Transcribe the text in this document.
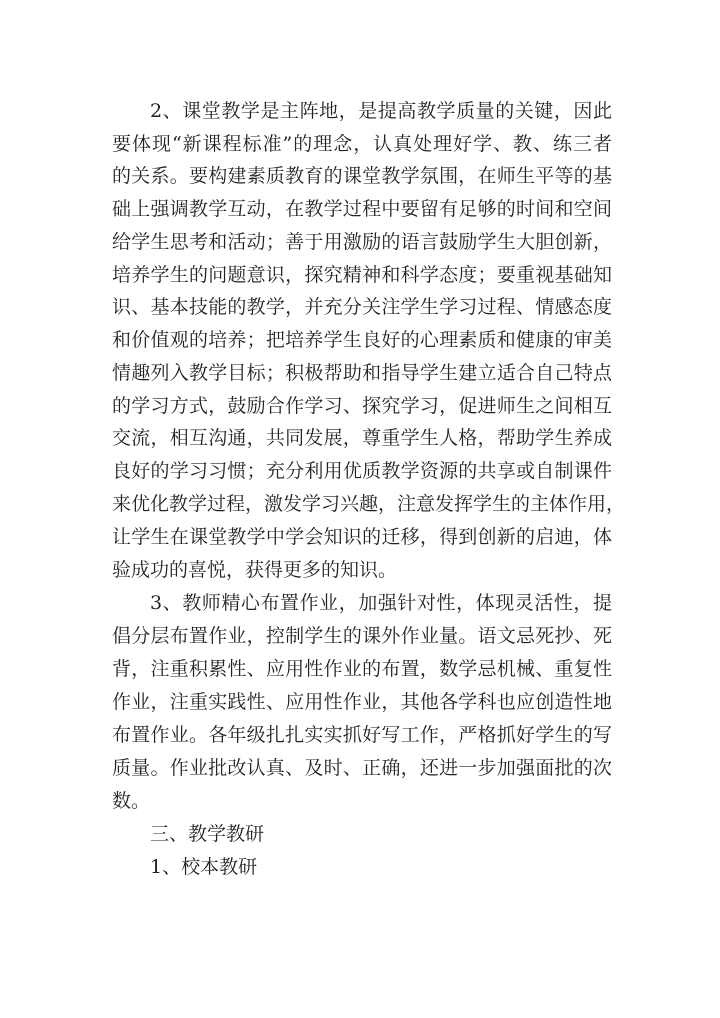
2、课堂教学是主阵地，是提高教学质量的关键，因此
要体现“新课程标准”的理念，认真处理好学、教、练三者
的关系。要构建素质教育的课堂教学氛围，在师生平等的基
础上强调教学互动，在教学过程中要留有足够的时间和空间
给学生思考和活动；善于用激励的语言鼓励学生大胆创新，
培养学生的问题意识，探究精神和科学态度；要重视基础知
识、基本技能的教学，并充分关注学生学习过程、情感态度
和价值观的培养；把培养学生良好的心理素质和健康的审美
情趣列入教学目标；积极帮助和指导学生建立适合自己特点
的学习方式，鼓励合作学习、探究学习，促进师生之间相互
交流，相互沟通，共同发展，尊重学生人格，帮助学生养成
良好的学习习惯；充分利用优质教学资源的共享或自制课件
来优化教学过程，激发学习兴趣，注意发挥学生的主体作用，
让学生在课堂教学中学会知识的迁移，得到创新的启迪，体
验成功的喜悦，获得更多的知识。
3、教师精心布置作业，加强针对性，体现灵活性，提
倡分层布置作业，控制学生的课外作业量。语文忌死抄、死
背，注重积累性、应用性作业的布置，数学忌机械、重复性
作业，注重实践性、应用性作业，其他各学科也应创造性地
布置作业。各年级扎扎实实抓好写工作，严格抓好学生的写
质量。作业批改认真、及时、正确，还进一步加强面批的次
数。
三、教学教研
1、校本教研
